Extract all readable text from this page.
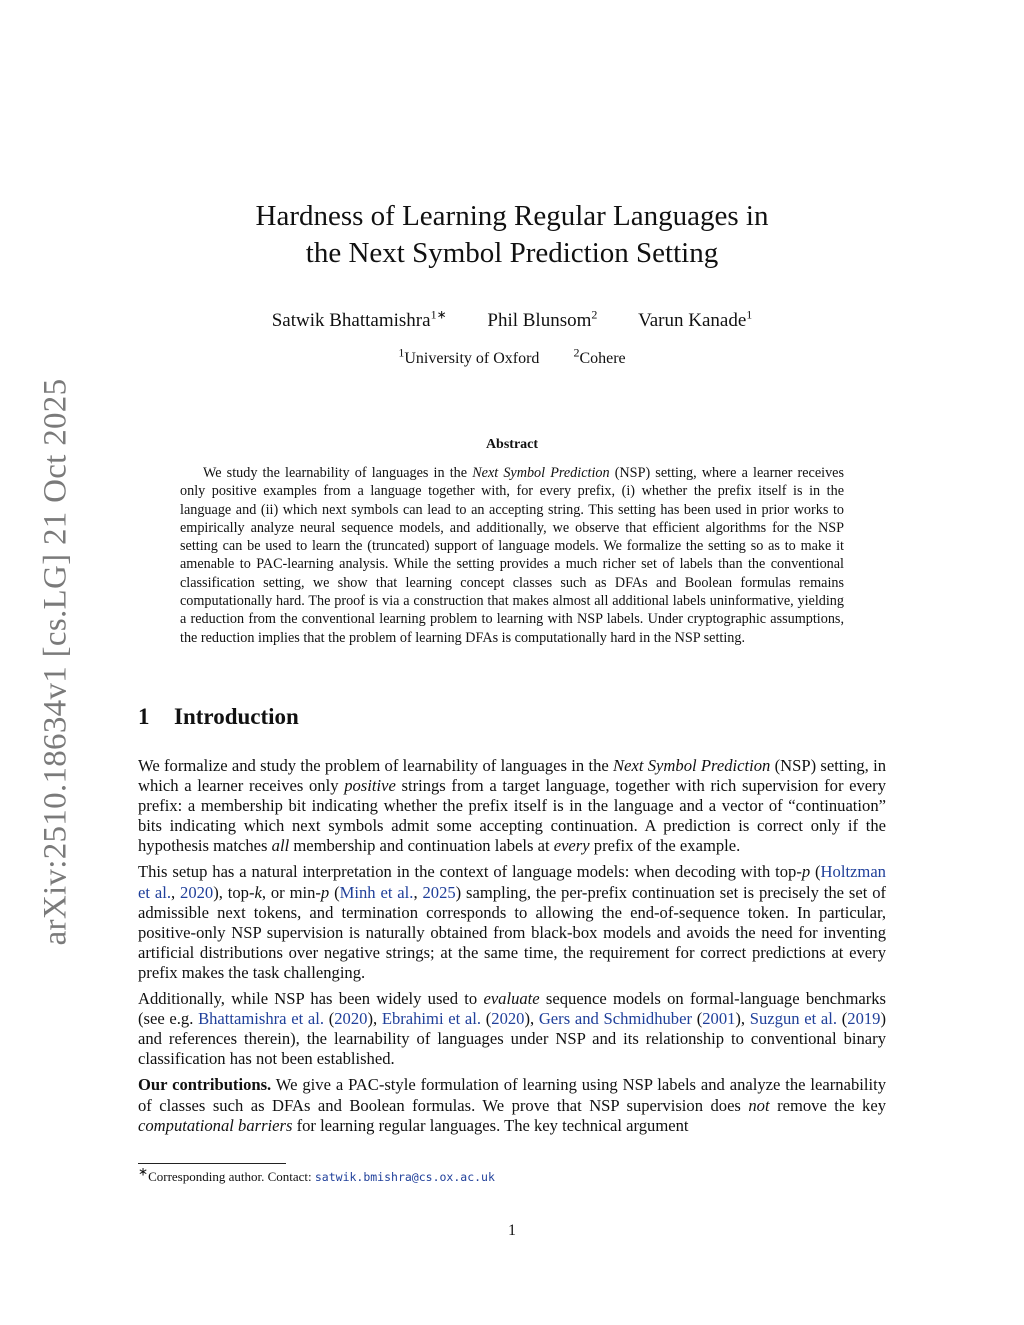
arXiv:2510.18634v1 [cs.LG] 21 Oct 2025
Hardness of Learning Regular Languages in
the Next Symbol Prediction Setting
Satwik Bhattamishra$^{1∗}$ Phil Blunsom$^2$ Varun Kanade$^1$
$^1$University of Oxford	$^2$Cohere
Abstract

We study the learnability of languages in the Next Symbol Prediction (NSP) setting, where a learner receives only positive examples from a language together with, for every prefix, (i) whether the prefix itself is in the language and (ii) which next symbols can lead to an accepting string. This setting has been used in prior works to empirically analyze neural sequence models, and additionally, we observe that efficient algorithms for the NSP setting can be used to learn the (truncated) support of language models. We formalize the setting so as to make it amenable to PAC-learning analysis. While the setting provides a much richer set of labels than the conventional classification setting, we show that learning concept classes such as DFAs and Boolean formulas remains computationally hard. The proof is via a construction that makes almost all additional labels uninformative, yielding a reduction from the conventional learning problem to learning with NSP labels. Under cryptographic assumptions, the reduction implies that the problem of learning DFAs is computationally hard in the NSP setting.

1 Introduction

We formalize and study the problem of learnability of languages in the Next Symbol Prediction (NSP) setting, in which a learner receives only positive strings from a target language, together with rich supervision for every prefix: a membership bit indicating whether the prefix itself is in the language and a vector of “continuation” bits indicating which next symbols admit some accepting continuation. A prediction is correct only if the hypothesis matches all membership and continuation labels at every prefix of the example.

This setup has a natural interpretation in the context of language models: when decoding with top-p (Holtzman et al., 2020), top-k, or min-p (Minh et al., 2025) sampling, the per-prefix continuation set is precisely the set of admissible next tokens, and termination corresponds to allowing the end-of-sequence token. In particular, positive-only NSP supervision is naturally obtained from black-box models and avoids the need for inventing artificial distributions over negative strings; at the same time, the requirement for correct predictions at every prefix makes the task challenging.

Additionally, while NSP has been widely used to evaluate sequence models on formal-language benchmarks (see e.g. Bhattamishra et al. (2020), Ebrahimi et al. (2020), Gers and Schmidhuber (2001), Suzgun et al. (2019) and references therein), the learnability of languages under NSP and its relationship to conventional binary classification has not been established.

Our contributions. We give a PAC-style formulation of learning using NSP labels and analyze the learnability of classes such as DFAs and Boolean formulas. We prove that NSP supervision does not remove the key computational barriers for learning regular languages. The key technical argument

∗Corresponding author. Contact: satwik.bmishra@cs.ox.ac.uk
1
